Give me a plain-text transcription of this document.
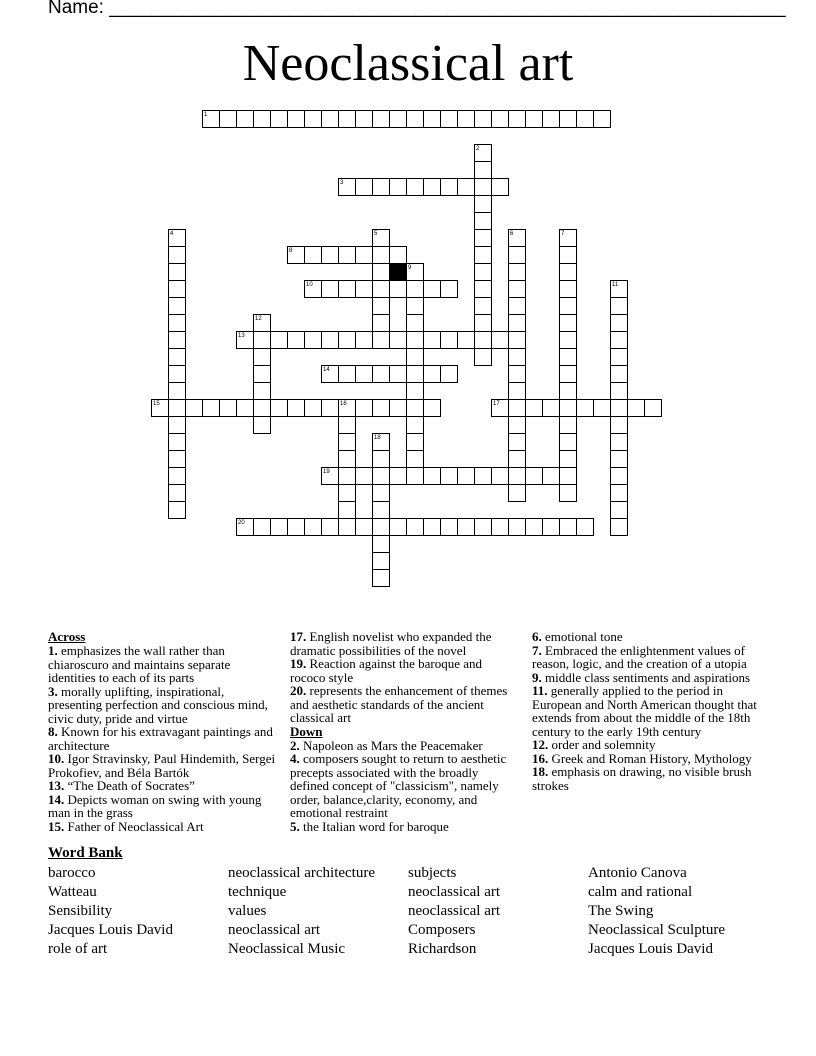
Name: ________________________________________________________________
Neoclassical art
1
3
8
10
13
14
15	16	17
19
20
2
4	5	6	7
9
11
12
18
Across
1. emphasizes the wall rather than chiaroscuro and maintains separate identities to each of its parts
3. morally uplifting, inspirational, presenting perfection and conscious mind, civic duty, pride and virtue
8. Known for his extravagant paintings and architecture
10. Igor Stravinsky, Paul Hindemith, Sergei Prokofiev, and Béla Bartók
13. “The Death of Socrates”
14. Depicts woman on swing with young man in the grass
15. Father of Neoclassical Art
17. English novelist who expanded the dramatic possibilities of the novel
19. Reaction against the baroque and rococo style
20. represents the enhancement of themes and aesthetic standards of the ancient classical art
Down
2. Napoleon as Mars the Peacemaker
4. composers sought to return to aesthetic precepts associated with the broadly defined concept of "classicism", namely order, balance,clarity, economy, and emotional restraint
5. the Italian word for baroque
6. emotional tone
7. Embraced the enlightenment values of reason, logic, and the creation of a utopia
9. middle class sentiments and aspirations
11. generally applied to the period in European and North American thought that extends from about the middle of the 18th century to the early 19th century
12. order and solemnity
16. Greek and Roman History, Mythology
18. emphasis on drawing, no visible brush strokes
Word Bank
barocco
Watteau
Sensibility
Jacques Louis David
role of art
neoclassical architecture
technique
values
neoclassical art
Neoclassical Music
subjects
neoclassical art
neoclassical art
Composers
Richardson
Antonio Canova
calm and rational
The Swing
Neoclassical Sculpture
Jacques Louis David
